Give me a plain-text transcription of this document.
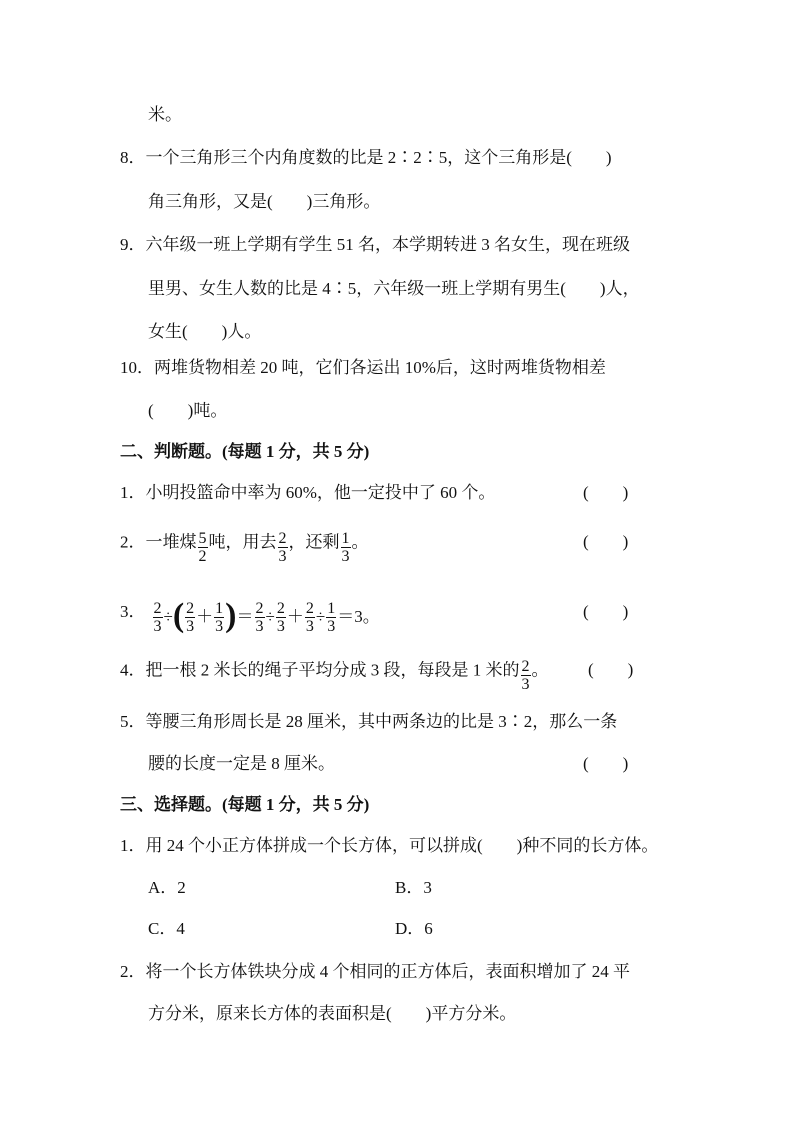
米。
8．一个三角形三个内角度数的比是 2∶2∶5，这个三角形是(　　)
角三角形，又是(　　)三角形。
9．六年级一班上学期有学生 51 名，本学期转进 3 名女生，现在班级
里男、女生人数的比是 4∶5，六年级一班上学期有男生(　　)人，
女生(　　)人。
10．两堆货物相差 20 吨，它们各运出 10%后，这时两堆货物相差
(　　)吨。
二、判断题。(每题 1 分，共 5 分)
1．小明投篮命中率为 60%，他一定投中了 60 个。	(　　)
2．一堆煤 $\frac{5}{2}$ 吨，用去 $\frac{2}{3}$ ，还剩 $\frac{1}{3}$ 。	(　　)
3． $\frac{2}{3}$ ÷( $\frac{2}{3} + \frac{1}{3}$ )＝ $\frac{2}{3} \div \frac{2}{3} + \frac{2}{3} \div \frac{1}{3} =3$。	(　　)
4．把一根 2 米长的绳子平均分成 3 段，每段是 1 米的 $\frac{2}{3}$ 。 (　　)
5．等腰三角形周长是 28 厘米，其中两条边的比是 3∶2，那么一条
腰的长度一定是 8 厘米。	(　　)
三、选择题。(每题 1 分，共 5 分)
1．用 24 个小正方体拼成一个长方体，可以拼成(　　)种不同的长方体。
A．2	B．3
C．4	D．6
2．将一个长方体铁块分成 4 个相同的正方体后，表面积增加了 24 平
方分米，原来长方体的表面积是(　　)平方分米。
